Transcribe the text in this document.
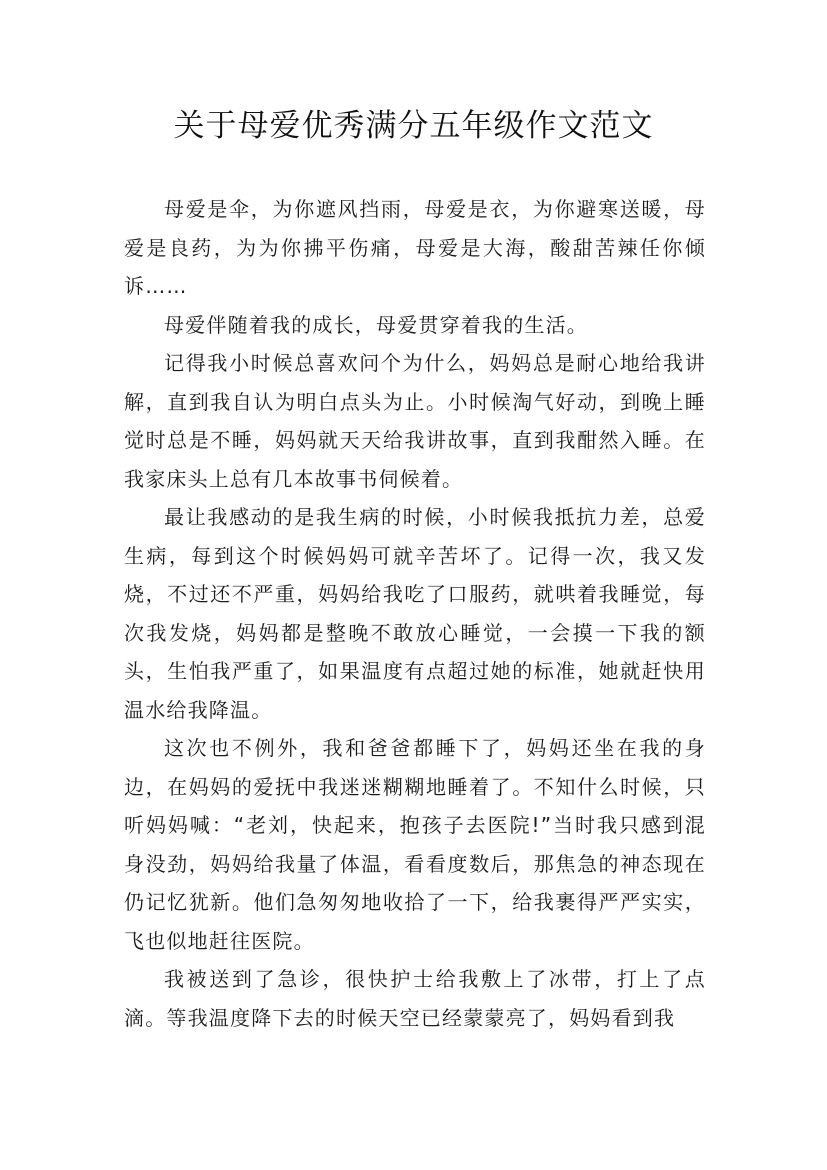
关于母爱优秀满分五年级作文范文

母爱是伞，为你遮风挡雨，母爱是衣，为你避寒送暖，母爱是良药，为为你拂平伤痛，母爱是大海，酸甜苦辣任你倾诉……

母爱伴随着我的成长，母爱贯穿着我的生活。

记得我小时候总喜欢问个为什么，妈妈总是耐心地给我讲解，直到我自认为明白点头为止。小时候淘气好动，到晚上睡觉时总是不睡，妈妈就天天给我讲故事，直到我酣然入睡。在我家床头上总有几本故事书伺候着。

最让我感动的是我生病的时候，小时候我抵抗力差，总爱生病，每到这个时候妈妈可就辛苦坏了。记得一次，我又发烧，不过还不严重，妈妈给我吃了口服药，就哄着我睡觉，每次我发烧，妈妈都是整晚不敢放心睡觉，一会摸一下我的额头，生怕我严重了，如果温度有点超过她的标准，她就赶快用温水给我降温。

这次也不例外，我和爸爸都睡下了，妈妈还坐在我的身边，在妈妈的爱抚中我迷迷糊糊地睡着了。不知什么时候，只听妈妈喊：“老刘，快起来，抱孩子去医院!”当时我只感到混身没劲，妈妈给我量了体温，看看度数后，那焦急的神态现在仍记忆犹新。他们急匆匆地收拾了一下，给我裹得严严实实，飞也似地赶往医院。

我被送到了急诊，很快护士给我敷上了冰带，打上了点滴。等我温度降下去的时候天空已经蒙蒙亮了，妈妈看到我
